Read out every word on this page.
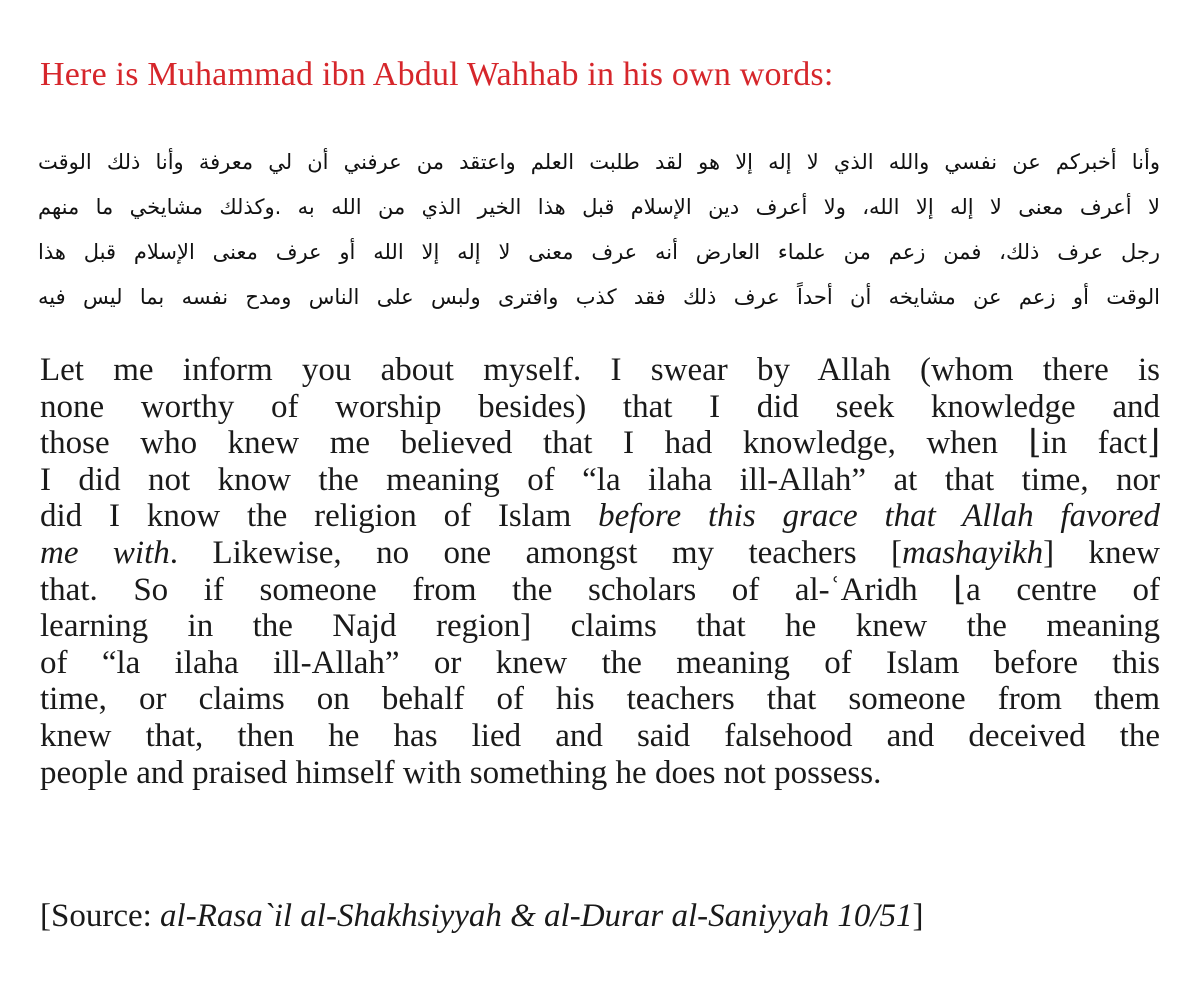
Here is Muhammad ibn Abdul Wahhab in his own words:
وأنا أخبركم عن نفسي والله الذي لا إله إلا هو لقد طلبت العلم واعتقد من عرفني أن لي معرفة وأنا ذلك الوقت
لا أعرف معنى لا إله إلا الله، ولا أعرف دين الإسلام قبل هذا الخير الذي من الله به .وكذلك مشايخي ما منهم
رجل عرف ذلك، فمن زعم من علماء العارض أنه عرف معنى لا إله إلا الله أو عرف معنى الإسلام قبل هذا
الوقت أو زعم عن مشايخه أن أحداً عرف ذلك فقد كذب وافترى ولبس على الناس ومدح نفسه بما ليس فيه
Let me inform you about myself. I swear by Allah (whom there is
none worthy of worship besides) that I did seek knowledge and
those who knew me believed that I had knowledge, when ⌊in fact⌋
I did not know the meaning of “la ilaha ill-Allah” at that time, nor
did I know the religion of Islam before this grace that Allah favored
me with. Likewise, no one amongst my teachers [mashayikh] knew
that. So if someone from the scholars of al-ʿAridh ⌊a centre of
learning in the Najd region] claims that he knew the meaning
of “la ilaha ill-Allah” or knew the meaning of Islam before this
time, or claims on behalf of his teachers that someone from them
knew that, then he has lied and said falsehood and deceived the
people and praised himself with something he does not possess.

[Source: al-Rasa`il al-Shakhsiyyah & al-Durar al-Saniyyah 10/51]
